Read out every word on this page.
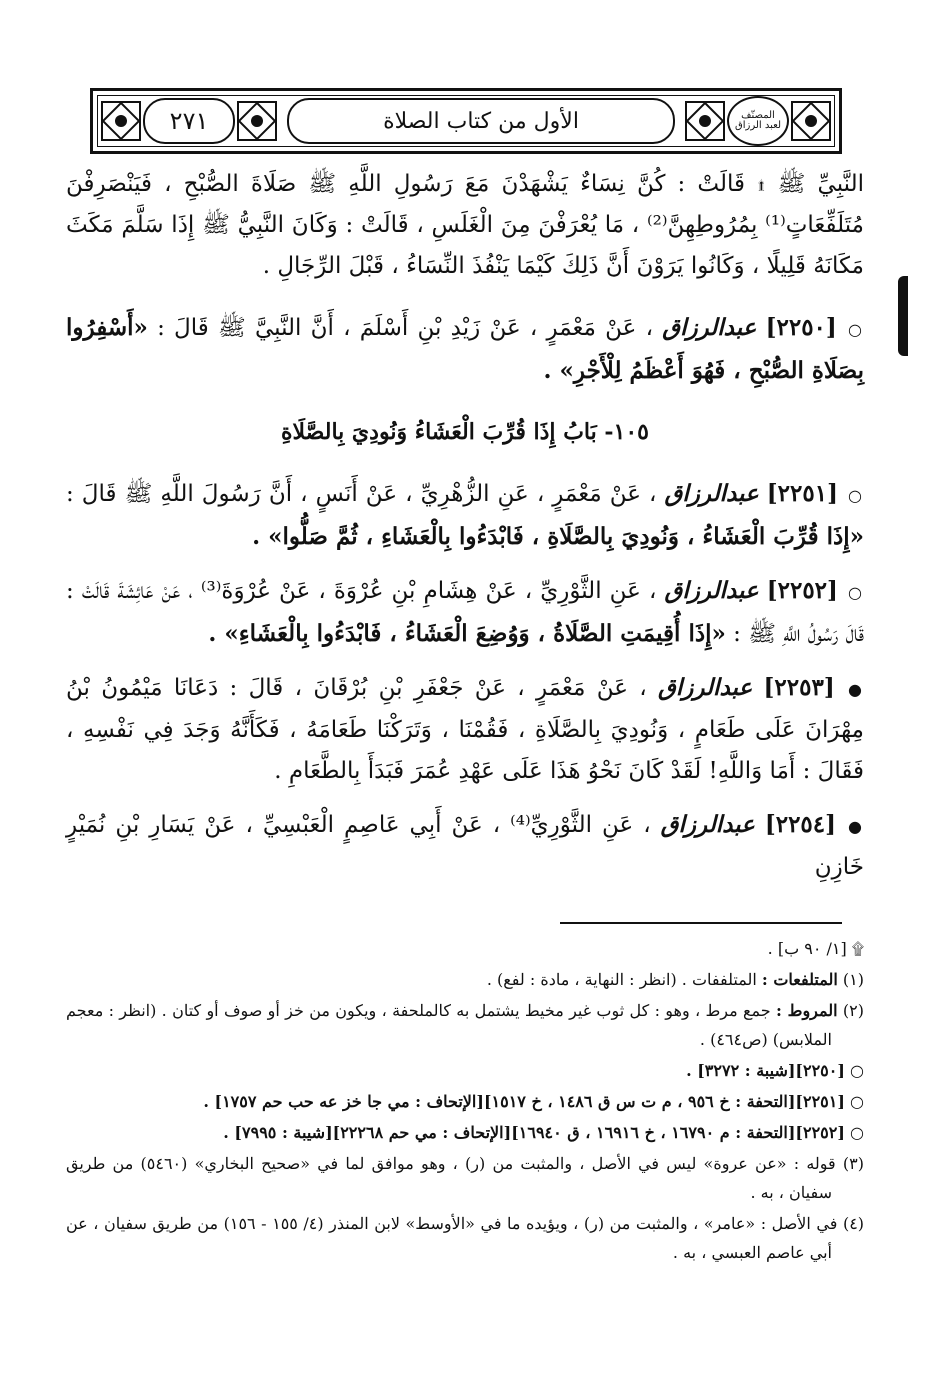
المصنّف
لعبد الرزاق
الأول من كتاب الصلاة
٢٧١

النَّبِيِّ ﷺ ۩ قَالَتْ : كُنَّ نِسَاءٌ يَشْهَدْنَ مَعَ رَسُولِ اللَّهِ ﷺ صَلَاةَ الصُّبْحِ ، فَيَنْصَرِفْنَ مُتَلَفِّعَاتٍ⁽¹⁾ بِمُرُوطِهِنَّ⁽²⁾ ، مَا يُعْرَفْنَ مِنَ الْغَلَسِ ، قَالَتْ : وَكَانَ النَّبِيُّ ﷺ إِذَا سَلَّمَ مَكَثَ مَكَانَهُ قَلِيلًا ، وَكَانُوا يَرَوْنَ أَنَّ ذَلِكَ كَيْمَا يَنْفُذَ النِّسَاءُ ، قَبْلَ الرِّجَالِ .

○ [٢٢٥٠] عبدالرزاق ، عَنْ مَعْمَرٍ ، عَنْ زَيْدِ بْنِ أَسْلَمَ ، أَنَّ النَّبِيَّ ﷺ قَالَ : «أَسْفِرُوا بِصَلَاةِ الصُّبْحِ ، فَهُوَ أَعْظَمُ لِلْأَجْرِ» .

١٠٥- بَابُ إِذَا قُرِّبَ الْعَشَاءُ وَنُودِيَ بِالصَّلَاةِ

○ [٢٢٥١] عبدالرزاق ، عَنْ مَعْمَرٍ ، عَنِ الزُّهْرِيِّ ، عَنْ أَنَسٍ ، أَنَّ رَسُولَ اللَّهِ ﷺ قَالَ : «إِذَا قُرِّبَ الْعَشَاءُ ، وَنُودِيَ بِالصَّلَاةِ ، فَابْدَءُوا بِالْعَشَاءِ ، ثُمَّ صَلُّوا» .

○ [٢٢٥٢] عبدالرزاق ، عَنِ الثَّوْرِيِّ ، عَنْ هِشَامِ بْنِ عُرْوَةَ ، عَنْ عُرْوَةَ⁽³⁾ ، عَنْ عَائِشَةَ قَالَتْ : قَالَ رَسُولُ اللَّهِ ﷺ : «إِذَا أُقِيمَتِ الصَّلَاةُ ، وَوُضِعَ الْعَشَاءُ ، فَابْدَءُوا بِالْعَشَاءِ» .

● [٢٢٥٣] عبدالرزاق ، عَنْ مَعْمَرٍ ، عَنْ جَعْفَرِ بْنِ بُرْقَانَ ، قَالَ : دَعَانَا مَيْمُونُ بْنُ مِهْرَانَ عَلَى طَعَامٍ ، وَنُودِيَ بِالصَّلَاةِ ، فَقُمْنَا ، وَتَرَكْنَا طَعَامَهُ ، فَكَأَنَّهُ وَجَدَ فِي نَفْسِهِ ، فَقَالَ : أَمَا وَاللَّهِ! لَقَدْ كَانَ نَحْوُ هَذَا عَلَى عَهْدِ عُمَرَ فَبَدَأَ بِالطَّعَامِ .

● [٢٢٥٤] عبدالرزاق ، عَنِ الثَّوْرِيِّ⁽⁴⁾ ، عَنْ أَبِي عَاصِمٍ الْعَبْسِيِّ ، عَنْ يَسَارِ بْنِ نُمَيْرٍ خَازِنِ

۩ [١/ ٩٠ ب] .

(١) المتلفعات : المتلففات . (انظر : النهاية ، مادة : لفع) .

(٢) المروط : جمع مرط ، وهو : كل ثوب غير مخيط يشتمل به كالملحفة ، ويكون من خز أو صوف أو كتان . (انظر : معجم الملابس) (ص٤٦٤) .

○ [٢٢٥٠][شيبة : ٣٢٧٢] .

○ [٢٢٥١][التحفة : خ ٩٥٦ ، م ت س ق ١٤٨٦ ، خ ١٥١٧][الإتحاف : مي جا خز عه حب حم ١٧٥٧] .

○ [٢٢٥٢][التحفة : م ١٦٧٩٠ ، خ ١٦٩١٦ ، ق ١٦٩٤٠][الإتحاف : مي حم ٢٢٢٦٨][شيبة : ٧٩٩٥] .

(٣) قوله : «عن عروة» ليس في الأصل ، والمثبت من (ر) ، وهو موافق لما في «صحيح البخاري» (٥٤٦٠) من طريق سفيان ، به .

(٤) في الأصل : «عامر» ، والمثبت من (ر) ، ويؤيده ما في «الأوسط» لابن المنذر (٤/ ١٥٥ - ١٥٦) من طريق سفيان ، عن أبي عاصم العبسي ، به .
